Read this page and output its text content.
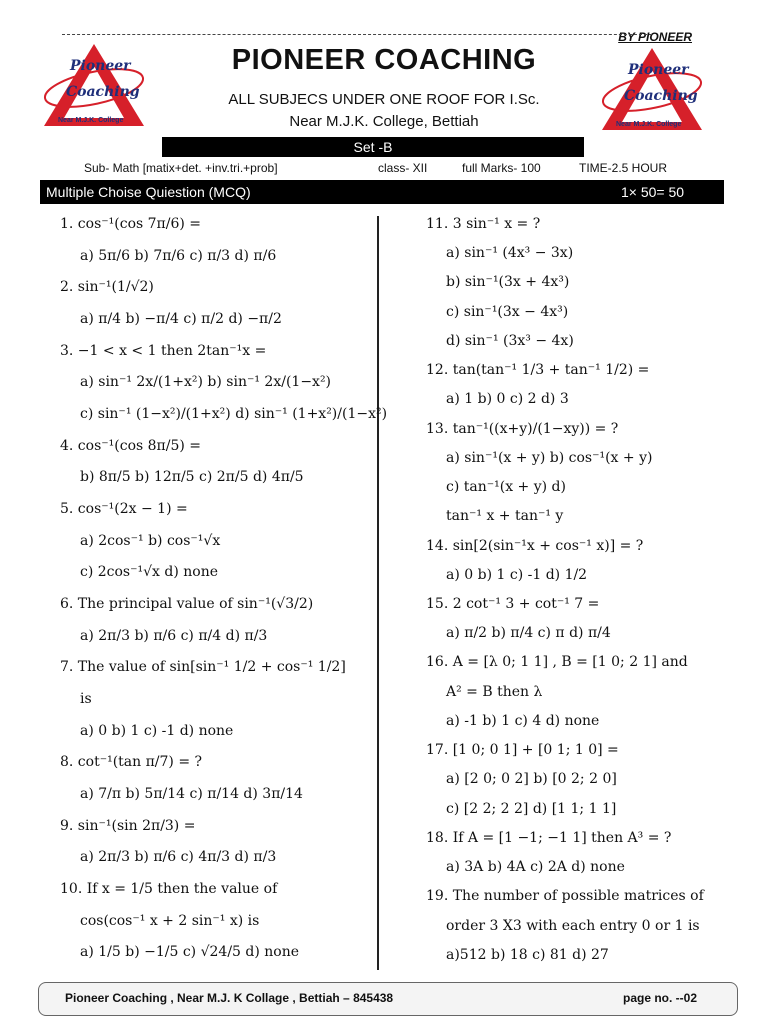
BY PIONEER
Pioneer
Coaching
Near M.J.K. College
Pioneer
Coaching
Near M.J.K. College
PIONEER COACHING
ALL SUBJECS UNDER ONE ROOF FOR I.Sc.
Near M.J.K. College, Bettiah
Set -B
Sub- Math [matix+det. +inv.tri.+prob]	class- XII	full Marks- 100	TIME-2.5 HOUR
Multiple Choise Quiestion (MCQ)	1× 50= 50
1. cos⁻¹(cos 7π/6) =
a) 5π/6 b) 7π/6 c) π/3 d) π/6
2. sin⁻¹(1/√2)
a) π/4 b) −π/4 c) π/2 d) −π/2
3. −1 < x < 1 then 2tan⁻¹x =
a) sin⁻¹ 2x/(1+x²) b) sin⁻¹ 2x/(1−x²)
c) sin⁻¹ (1−x²)/(1+x²) d) sin⁻¹ (1+x²)/(1−x²)
4. cos⁻¹(cos 8π/5) =
b) 8π/5 b) 12π/5 c) 2π/5 d) 4π/5
5. cos⁻¹(2x − 1) =
a) 2cos⁻¹ b) cos⁻¹√x
c) 2cos⁻¹√x d) none
6. The principal value of sin⁻¹(√3/2)
a) 2π/3 b) π/6 c) π/4 d) π/3
7. The value of sin[sin⁻¹ 1/2 + cos⁻¹ 1/2]
is
a) 0 b) 1 c) -1 d) none
8. cot⁻¹(tan π/7) = ?
a) 7/π b) 5π/14 c) π/14 d) 3π/14
9. sin⁻¹(sin 2π/3) =
a) 2π/3 b) π/6 c) 4π/3 d) π/3
10. If x = 1/5 then the value of
cos(cos⁻¹ x + 2 sin⁻¹ x) is
a) 1/5 b) −1/5 c) √24/5 d) none
11. 3 sin⁻¹ x = ?
a) sin⁻¹ (4x³ − 3x)
b) sin⁻¹(3x + 4x³)
c) sin⁻¹(3x − 4x³)
d) sin⁻¹ (3x³ − 4x)
12. tan(tan⁻¹ 1/3 + tan⁻¹ 1/2) =
a) 1 b) 0 c) 2 d) 3
13. tan⁻¹((x+y)/(1−xy)) = ?
a) sin⁻¹(x + y) b) cos⁻¹(x + y)
c) tan⁻¹(x + y) d)
tan⁻¹ x + tan⁻¹ y
14. sin[2(sin⁻¹x + cos⁻¹ x)] = ?
a) 0 b) 1 c) -1 d) 1/2
15. 2 cot⁻¹ 3 + cot⁻¹ 7 =
a) π/2 b) π/4 c) π d) π/4
16. A = [λ 0; 1 1] , B = [1 0; 2 1] and
A² = B then λ
a) -1 b) 1 c) 4 d) none
17. [1 0; 0 1] + [0 1; 1 0] =
a) [2 0; 0 2] b) [0 2; 2 0]
c) [2 2; 2 2] d) [1 1; 1 1]
18. If A = [1 −1; −1 1] then A³ = ?
a) 3A b) 4A c) 2A d) none
19. The number of possible matrices of
order 3 X3 with each entry 0 or 1 is
a)512 b) 18 c) 81 d) 27
Pioneer Coaching , Near M.J. K Collage , Bettiah – 845438	page no. --02
